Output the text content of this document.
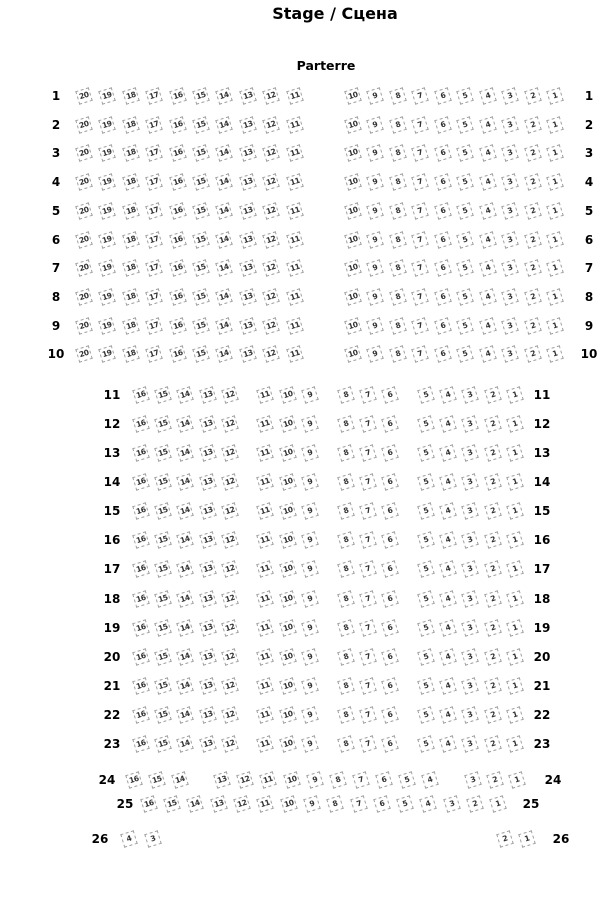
Stage / Сцена
Parterre
1	1
20 19 18 17 16 15 14 13 12 11	10 9 8 7 6 5 4 3 2 1
2	2
20 19 18 17 16 15 14 13 12 11	10 9 8 7 6 5 4 3 2 1
3	3
20 19 18 17 16 15 14 13 12 11	10 9 8 7 6 5 4 3 2 1
4	4
20 19 18 17 16 15 14 13 12 11	10 9 8 7 6 5 4 3 2 1
5	5
20 19 18 17 16 15 14 13 12 11	10 9 8 7 6 5 4 3 2 1
6	6
20 19 18 17 16 15 14 13 12 11	10 9 8 7 6 5 4 3 2 1
7	7
20 19 18 17 16 15 14 13 12 11	10 9 8 7 6 5 4 3 2 1
8	8
20 19 18 17 16 15 14 13 12 11	10 9 8 7 6 5 4 3 2 1
9	9
20 19 18 17 16 15 14 13 12 11	10 9 8 7 6 5 4 3 2 1
10	10
20 19 18 17 16 15 14 13 12 11	10 9 8 7 6 5 4 3 2 1
11	11
16 15 14 13 12	11 10 9	8 7 6	5 4 3 2 1
12	12
16 15 14 13 12	11 10 9	8 7 6	5 4 3 2 1
13	13
16 15 14 13 12	11 10 9	8 7 6	5 4 3 2 1
14	14
16 15 14 13 12	11 10 9	8 7 6	5 4 3 2 1
15	15
16 15 14 13 12	11 10 9	8 7 6	5 4 3 2 1
16	16
16 15 14 13 12	11 10 9	8 7 6	5 4 3 2 1
17	17
16 15 14 13 12	11 10 9	8 7 6	5 4 3 2 1
18	18
16 15 14 13 12	11 10 9	8 7 6	5 4 3 2 1
19	19
16 15 14 13 12	11 10 9	8 7 6	5 4 3 2 1
20	20
16 15 14 13 12	11 10 9	8 7 6	5 4 3 2 1
21	21
16 15 14 13 12	11 10 9	8 7 6	5 4 3 2 1
22	22
16 15 14 13 12	11 10 9	8 7 6	5 4 3 2 1
23	23
16 15 14 13 12	11 10 9	8 7 6	5 4 3 2 1
24	24
16 15 14	13 12 11 10 9 8 7 6 5 4	3 2 1
25	25
16 15 14 13 12 11 10 9 8 7 6 5 4 3 2 1
26	26
4 3	2 1
